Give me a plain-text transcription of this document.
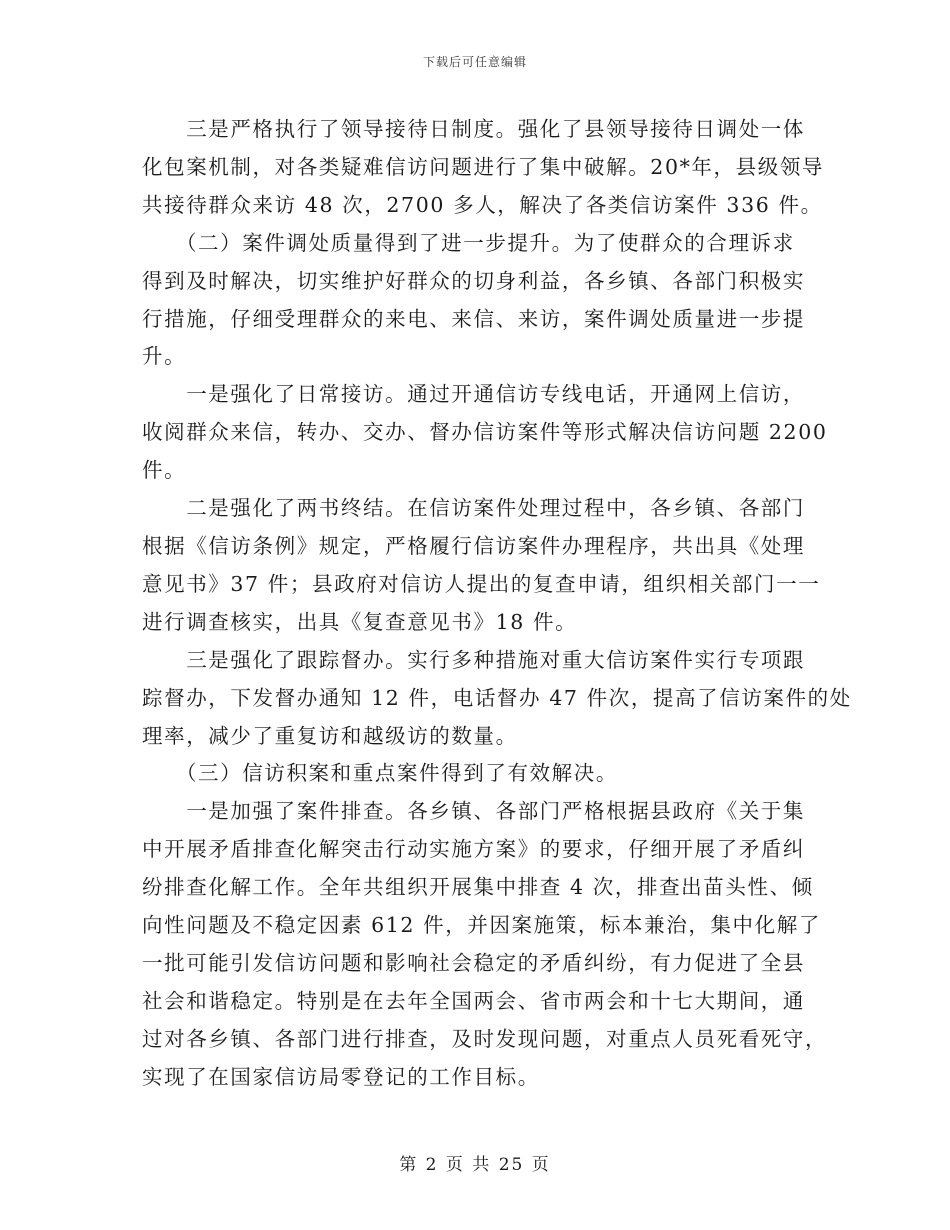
下载后可任意编辑
　　三是严格执行了领导接待日制度。强化了县领导接待日调处一体
化包案机制，对各类疑难信访问题进行了集中破解。20*年，县级领导
共接待群众来访 48 次，2700 多人，解决了各类信访案件 336 件。
　　（二）案件调处质量得到了进一步提升。为了使群众的合理诉求
得到及时解决，切实维护好群众的切身利益，各乡镇、各部门积极实
行措施，仔细受理群众的来电、来信、来访，案件调处质量进一步提
升。
　　一是强化了日常接访。通过开通信访专线电话，开通网上信访，
收阅群众来信，转办、交办、督办信访案件等形式解决信访问题 2200
件。
　　二是强化了两书终结。在信访案件处理过程中，各乡镇、各部门
根据《信访条例》规定，严格履行信访案件办理程序，共出具《处理
意见书》37 件；县政府对信访人提出的复查申请，组织相关部门一一
进行调查核实，出具《复查意见书》18 件。
　　三是强化了跟踪督办。实行多种措施对重大信访案件实行专项跟
踪督办，下发督办通知 12 件，电话督办 47 件次，提高了信访案件的处
理率，减少了重复访和越级访的数量。
　　（三）信访积案和重点案件得到了有效解决。
　　一是加强了案件排查。各乡镇、各部门严格根据县政府《关于集
中开展矛盾排查化解突击行动实施方案》的要求，仔细开展了矛盾纠
纷排查化解工作。全年共组织开展集中排查 4 次，排查出苗头性、倾
向性问题及不稳定因素 612 件，并因案施策，标本兼治，集中化解了
一批可能引发信访问题和影响社会稳定的矛盾纠纷，有力促进了全县
社会和谐稳定。特别是在去年全国两会、省市两会和十七大期间，通
过对各乡镇、各部门进行排查，及时发现问题，对重点人员死看死守，
实现了在国家信访局零登记的工作目标。
第 2 页 共 25 页
